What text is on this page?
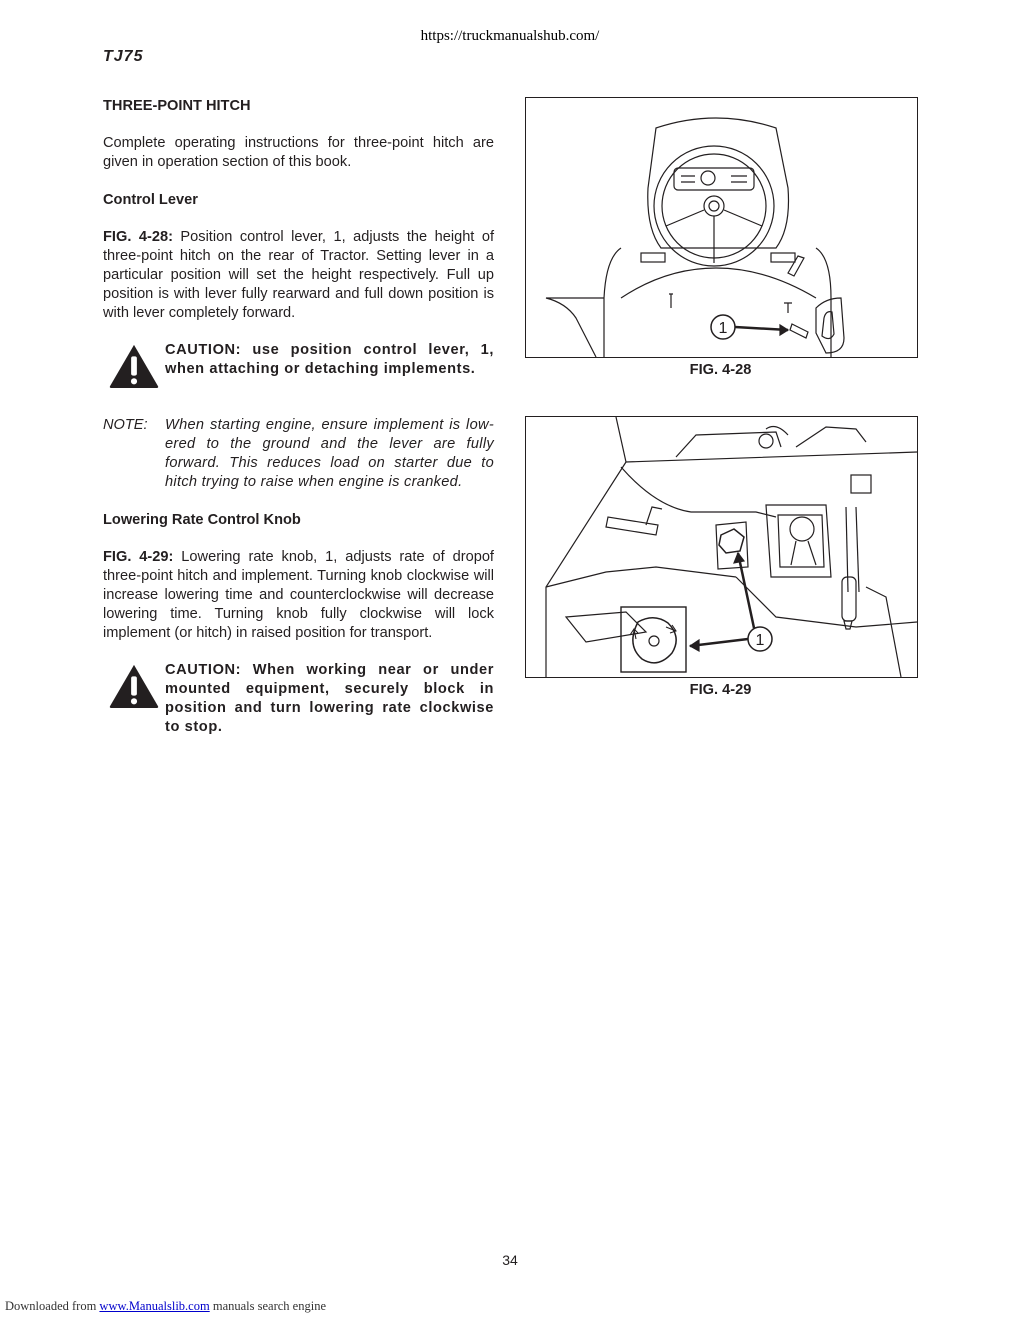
https://truckmanualshub.com/
TJ75
THREE-POINT HITCH
Complete operating instructions for three-point hitch are given in operation section of this book.
Control Lever
FIG. 4-28: Position control lever, 1, adjusts the height of three-point hitch on the rear of Tractor. Setting lever in a particular position will set the height respectively. Full up position is with lever fully rearward and full down position is with lever completely forward.
CAUTION: use position control lever, 1, when attaching or detaching implements.
NOTE: When starting engine, ensure implement is low- ered to the ground and the lever are fully forward. This reduces load on starter due to hitch trying to raise when engine is cranked.
Lowering Rate Control Knob
FIG. 4-29: Lowering rate knob, 1, adjusts rate of dropof three-point hitch and implement. Turning knob clockwise will increase lowering time and counterclockwise will decrease lowering time. Turning knob fully clockwise will lock implement (or hitch) in raised position for transport.
CAUTION: When working near or under mounted equipment, securely block in position and turn lowering rate clockwise to stop.
1
FIG. 4-28
1
FIG. 4-29
34
Downloaded from www.Manualslib.com manuals search engine
